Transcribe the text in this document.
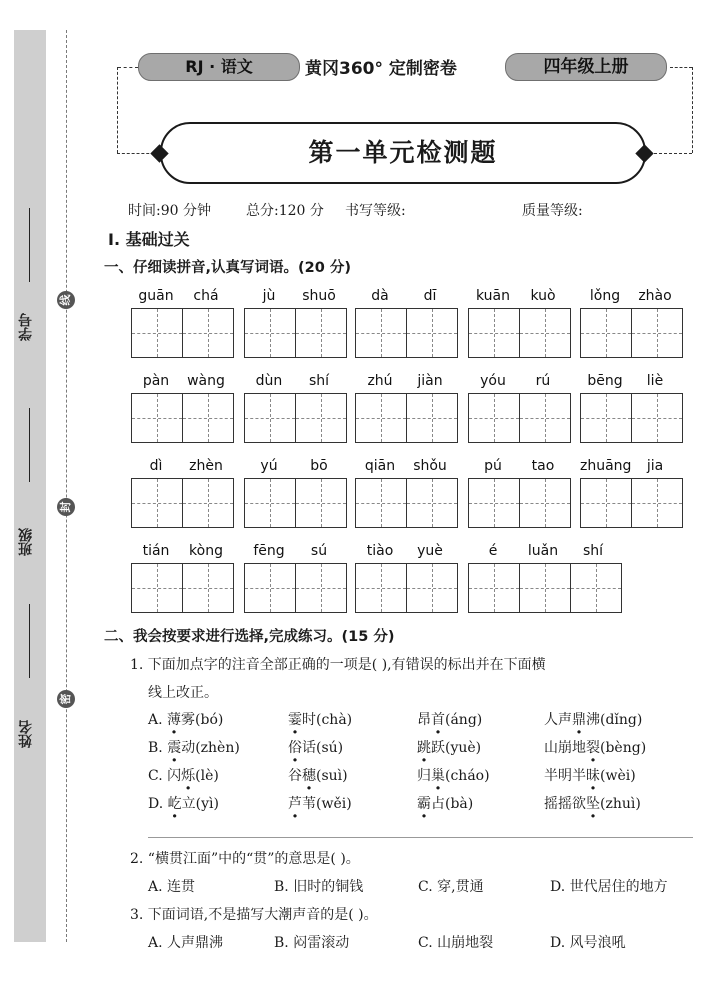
学号
班级
姓名
线
封
密
RJ · 语文	黄冈360° 定制密卷	四年级上册
第一单元检测题
时间:90 分钟	总分:120 分 书写等级:	质量等级:
Ⅰ. 基础过关
一、仔细读拼音,认真写词语。(20 分)
guān	chá	jù	shuō	dà	dī	kuān	kuò	lǒng	zhào
pàn	wàng	dùn	shí	zhú	jiàn	yóu	rú	bēng	liè
dì	zhèn	yú	bō	qiān	shǒu	pú	tao	zhuāng	jia
tián	kòng	fēng	sú	tiào	yuè	é	luǎn	shí
二、我会按要求进行选择,完成练习。(15 分)
1. 下面加点字的注音全部正确的一项是( ),有错误的标出并在下面横
线上改正。
A. 薄雾(bó)	霎时(chà)	昂首(áng)	人声鼎沸(dǐng)
B. 震动(zhèn)	俗话(sú)	跳跃(yuè)	山崩地裂(bèng)
C. 闪烁(lè)	谷穗(suì)	归巢(cháo)	半明半昧(wèi)
D. 屹立(yì)	芦苇(wěi)	霸占(bà)	摇摇欲坠(zhuì)
2. “横贯江面”中的“贯”的意思是( )。
A. 连贯	B. 旧时的铜钱	C. 穿,贯通	D. 世代居住的地方
3. 下面词语,不是描写大潮声音的是( )。
A. 人声鼎沸	B. 闷雷滚动	C. 山崩地裂	D. 风号浪吼
